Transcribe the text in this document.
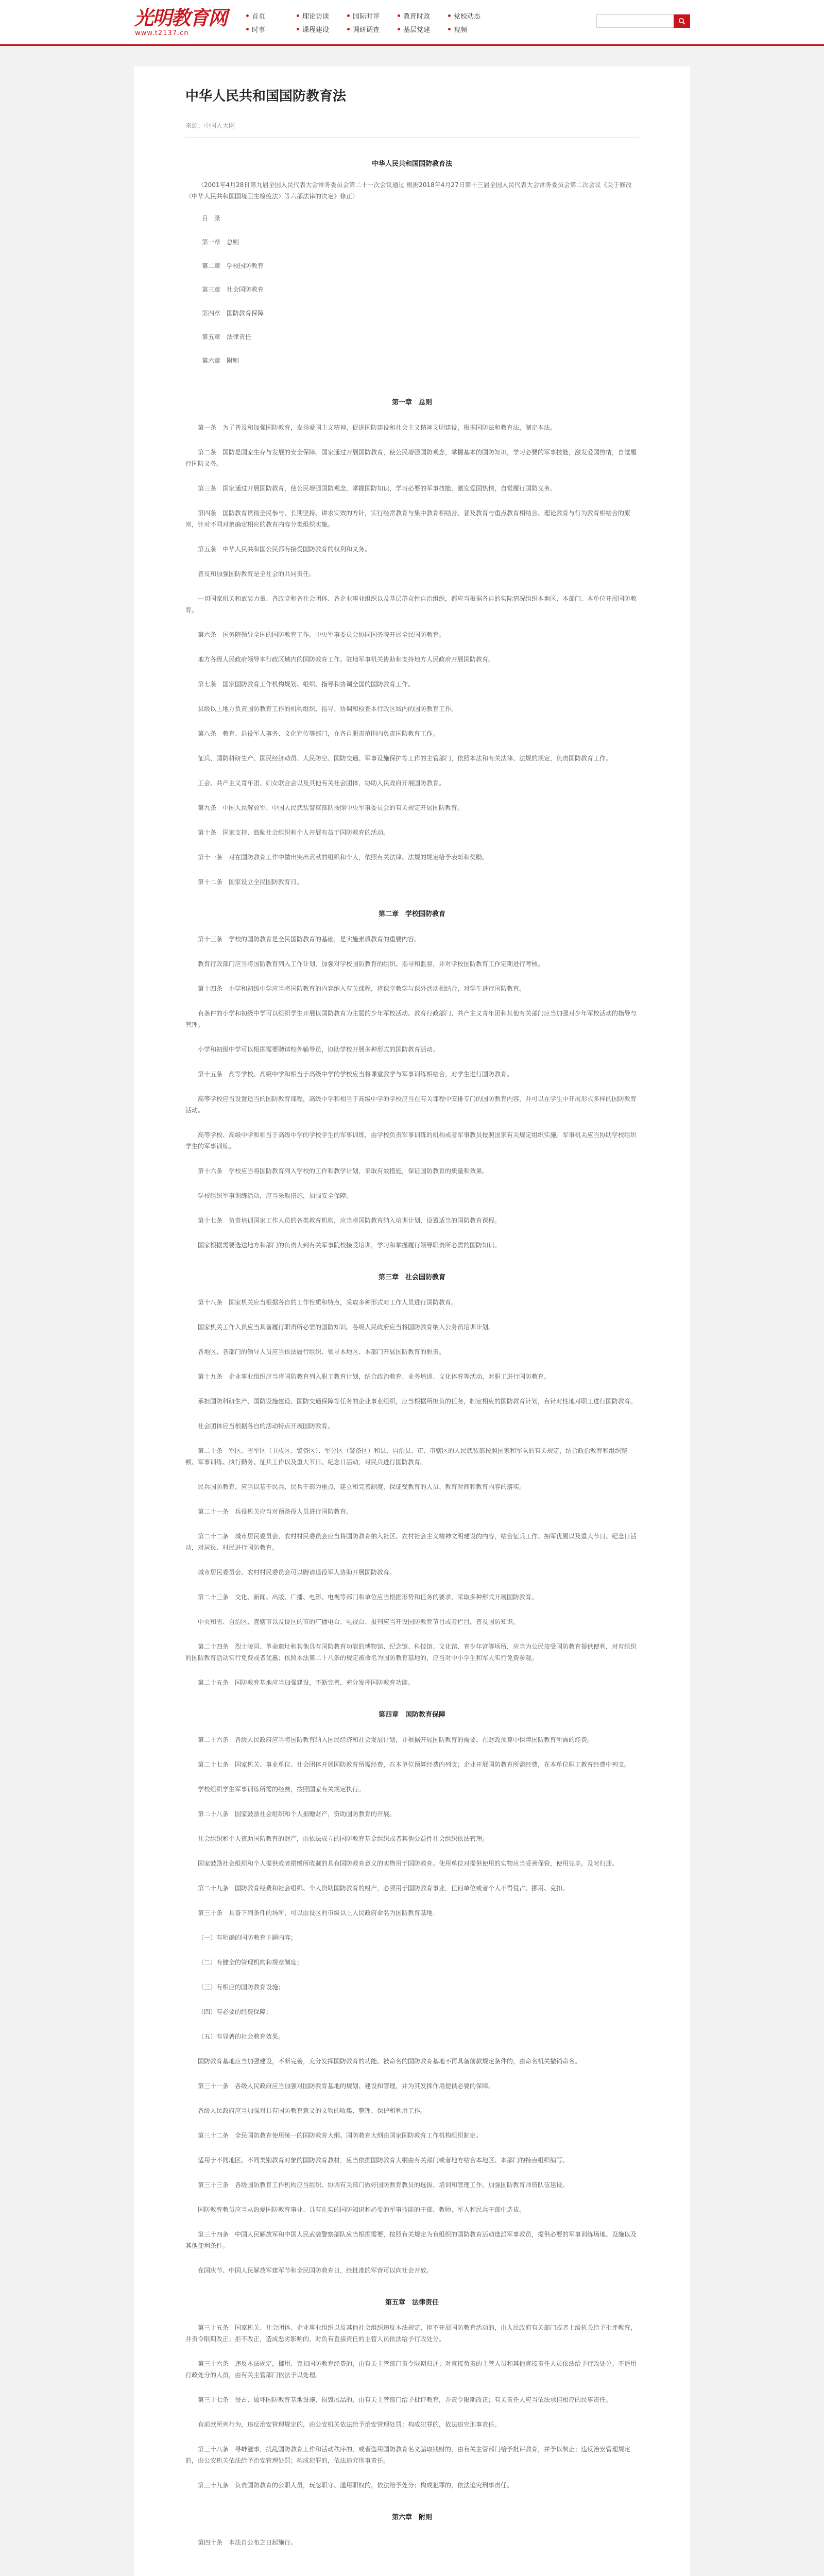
光明教育网
www.t2137.cn
首页	理论访谈	国际时评	教育时政	党校动态
时事	课程建设	调研调查	基层党建	视频
中华人民共和国国防教育法
来源：中国人大网
中华人民共和国国防教育法

（2001年4月28日第九届全国人民代表大会常务委员会第二十一次会议通过 根据2018年4月27日第十三届全国人民代表大会常务委员会第二次会议《关于修改〈中华人民共和国国境卫生检疫法〉等六部法律的决定》修正）

目　录
第一章　总则
第二章　学校国防教育
第三章　社会国防教育
第四章　国防教育保障
第五章　法律责任
第六章　附则
第一章　总则

第一条　为了普及和加强国防教育，发扬爱国主义精神，促进国防建设和社会主义精神文明建设，根据国防法和教育法，制定本法。

第二条　国防是国家生存与发展的安全保障。国家通过开展国防教育，使公民增强国防观念，掌握基本的国防知识，学习必要的军事技能，激发爱国热情，自觉履行国防义务。

第三条　国家通过开展国防教育，使公民增强国防观念，掌握国防知识，学习必要的军事技能，激发爱国热情，自觉履行国防义务。

第四条　国防教育贯彻全民参与、长期坚持、讲求实效的方针，实行经常教育与集中教育相结合、普及教育与重点教育相结合、理论教育与行为教育相结合的原则，针对不同对象确定相应的教育内容分类组织实施。

第五条　中华人民共和国公民都有接受国防教育的权利和义务。

普及和加强国防教育是全社会的共同责任。

一切国家机关和武装力量、各政党和各社会团体、各企业事业组织以及基层群众性自治组织，都应当根据各自的实际情况组织本地区、本部门、本单位开展国防教育。

第六条　国务院领导全国的国防教育工作。中央军事委员会协同国务院开展全民国防教育。

地方各级人民政府领导本行政区域内的国防教育工作。驻地军事机关协助和支持地方人民政府开展国防教育。

第七条　国家国防教育工作机构规划、组织、指导和协调全国的国防教育工作。

县级以上地方负责国防教育工作的机构组织、指导、协调和检查本行政区域内的国防教育工作。

第八条　教育、退役军人事务、文化宣传等部门，在各自职责范围内负责国防教育工作。

征兵、国防科研生产、国民经济动员、人民防空、国防交通、军事设施保护等工作的主管部门，依照本法和有关法律、法规的规定，负责国防教育工作。

工会、共产主义青年团、妇女联合会以及其他有关社会团体，协助人民政府开展国防教育。

第九条　中国人民解放军、中国人民武装警察部队按照中央军事委员会的有关规定开展国防教育。

第十条　国家支持、鼓励社会组织和个人开展有益于国防教育的活动。

第十一条　对在国防教育工作中做出突出贡献的组织和个人，依照有关法律、法规的规定给予表彰和奖励。

第十二条　国家设立全民国防教育日。

第二章　学校国防教育

第十三条　学校的国防教育是全民国防教育的基础，是实施素质教育的重要内容。

教育行政部门应当将国防教育列入工作计划，加强对学校国防教育的组织、指导和监督，并对学校国防教育工作定期进行考核。

第十四条　小学和初级中学应当将国防教育的内容纳入有关课程，将课堂教学与课外活动相结合，对学生进行国防教育。

有条件的小学和初级中学可以组织学生开展以国防教育为主题的少年军校活动。教育行政部门、共产主义青年团和其他有关部门应当加强对少年军校活动的指导与管理。

小学和初级中学可以根据需要聘请校外辅导员，协助学校开展多种形式的国防教育活动。

第十五条　高等学校、高级中学和相当于高级中学的学校应当将课堂教学与军事训练相结合，对学生进行国防教育。

高等学校应当设置适当的国防教育课程，高级中学和相当于高级中学的学校应当在有关课程中安排专门的国防教育内容，并可以在学生中开展形式多样的国防教育活动。

高等学校、高级中学和相当于高级中学的学校学生的军事训练，由学校负责军事训练的机构或者军事教员按照国家有关规定组织实施。军事机关应当协助学校组织学生的军事训练。

第十六条　学校应当将国防教育列入学校的工作和教学计划，采取有效措施，保证国防教育的质量和效果。

学校组织军事训练活动，应当采取措施，加强安全保障。

第十七条　负责培训国家工作人员的各类教育机构，应当将国防教育纳入培训计划，设置适当的国防教育课程。

国家根据需要选送地方和部门的负责人到有关军事院校接受培训，学习和掌握履行领导职责所必需的国防知识。

第三章　社会国防教育

第十八条　国家机关应当根据各自的工作性质和特点，采取多种形式对工作人员进行国防教育。

国家机关工作人员应当具备履行职责所必需的国防知识。各级人民政府应当将国防教育纳入公务员培训计划。

各地区、各部门的领导人员应当依法履行组织、领导本地区、本部门开展国防教育的职责。

第十九条　企业事业组织应当将国防教育列入职工教育计划，结合政治教育、业务培训、文化体育等活动，对职工进行国防教育。

承担国防科研生产、国防设施建设、国防交通保障等任务的企业事业组织，应当根据所担负的任务，制定相应的国防教育计划，有针对性地对职工进行国防教育。

社会团体应当根据各自的活动特点开展国防教育。

第二十条　军区、省军区（卫戍区、警备区）、军分区（警备区）和县、自治县、市、市辖区的人民武装部按照国家和军队的有关规定，结合政治教育和组织整顿、军事训练、执行勤务、征兵工作以及重大节日、纪念日活动，对民兵进行国防教育。

民兵国防教育，应当以基干民兵、民兵干部为重点，建立和完善制度，保证受教育的人员、教育时间和教育内容的落实。

第二十一条　兵役机关应当对预备役人员进行国防教育。

第二十二条　城市居民委员会、农村村民委员会应当将国防教育纳入社区、农村社会主义精神文明建设的内容，结合征兵工作、拥军优属以及重大节日、纪念日活动，对居民、村民进行国防教育。

城市居民委员会、农村村民委员会可以聘请退役军人协助开展国防教育。

第二十三条　文化、新闻、出版、广播、电影、电视等部门和单位应当根据形势和任务的要求，采取多种形式开展国防教育。

中央和省、自治区、直辖市以及设区的市的广播电台、电视台、报刊应当开设国防教育节目或者栏目，普及国防知识。

第二十四条　烈士陵园、革命遗址和其他具有国防教育功能的博物馆、纪念馆、科技馆、文化馆、青少年宫等场所，应当为公民接受国防教育提供便利，对有组织的国防教育活动实行免费或者优惠；依照本法第二十八条的规定被命名为国防教育基地的，应当对中小学生和军人实行免费参观。

第二十五条　国防教育基地应当加强建设，不断完善，充分发挥国防教育功能。

第四章　国防教育保障

第二十六条　各级人民政府应当将国防教育纳入国民经济和社会发展计划，并根据开展国防教育的需要，在财政预算中保障国防教育所需的经费。

第二十七条　国家机关、事业单位、社会团体开展国防教育所需经费，在本单位预算经费内列支；企业开展国防教育所需经费，在本单位职工教育经费中列支。

学校组织学生军事训练所需的经费，按照国家有关规定执行。

第二十八条　国家鼓励社会组织和个人捐赠财产，资助国防教育的开展。

社会组织和个人资助国防教育的财产，由依法成立的国防教育基金组织或者其他公益性社会组织依法管理。

国家鼓励社会组织和个人提供或者捐赠所收藏的具有国防教育意义的实物用于国防教育。使用单位对提供使用的实物应当妥善保管，使用完毕，及时归还。

第二十九条　国防教育经费和社会组织、个人资助国防教育的财产，必须用于国防教育事业，任何单位或者个人不得侵占、挪用、克扣。

第三十条　具备下列条件的场所，可以由设区的市级以上人民政府命名为国防教育基地：

（一）有明确的国防教育主题内容；

（二）有健全的管理机构和规章制度；

（三）有相应的国防教育设施；

（四）有必要的经费保障；

（五）有显著的社会教育效果。

国防教育基地应当加强建设，不断完善，充分发挥国防教育的功能。被命名的国防教育基地不再具备前款规定条件的，由命名机关撤销命名。

第三十一条　各级人民政府应当加强对国防教育基地的规划、建设和管理，并为其发挥作用提供必要的保障。

各级人民政府应当加强对具有国防教育意义的文物的收集、整理、保护和利用工作。

第三十二条　全民国防教育使用统一的国防教育大纲。国防教育大纲由国家国防教育工作机构组织制定。

适用于不同地区、不同类别教育对象的国防教育教材，应当依据国防教育大纲由有关部门或者地方结合本地区、本部门的特点组织编写。

第三十三条　各级国防教育工作机构应当组织、协调有关部门做好国防教育教员的选拔、培训和管理工作，加强国防教育师资队伍建设。

国防教育教员应当从热爱国防教育事业、具有扎实的国防知识和必要的军事技能的干部、教师、军人和民兵干部中选拔。

第三十四条　中国人民解放军和中国人民武装警察部队应当根据需要，按照有关规定为有组织的国防教育活动选派军事教员，提供必要的军事训练场地、设施以及其他便利条件。

在国庆节、中国人民解放军建军节和全民国防教育日，经批准的军营可以向社会开放。

第五章　法律责任

第三十五条　国家机关、社会团体、企业事业组织以及其他社会组织违反本法规定，拒不开展国防教育活动的，由人民政府有关部门或者上级机关给予批评教育，并责令限期改正；拒不改正，造成恶劣影响的，对负有直接责任的主管人员依法给予行政处分。

第三十六条　违反本法规定，挪用、克扣国防教育经费的，由有关主管部门责令限期归还；对直接负责的主管人员和其他直接责任人员依法给予行政处分。不适用行政处分的人员，由有关主管部门依法予以处理。

第三十七条　侵占、破坏国防教育基地设施、损毁展品的，由有关主管部门给予批评教育，并责令限期改正；有关责任人应当依法承担相应的民事责任。

有前款所列行为，违反治安管理规定的，由公安机关依法给予治安管理处罚；构成犯罪的，依法追究刑事责任。

第三十八条　寻衅滋事，扰乱国防教育工作和活动秩序的，或者盗用国防教育名义骗取钱财的，由有关主管部门给予批评教育，并予以制止；违反治安管理规定的，由公安机关依法给予治安管理处罚；构成犯罪的，依法追究刑事责任。

第三十九条　负责国防教育的公职人员，玩忽职守、滥用职权的，依法给予处分；构成犯罪的，依法追究刑事责任。

第六章　附则

第四十条　本法自公布之日起施行。
